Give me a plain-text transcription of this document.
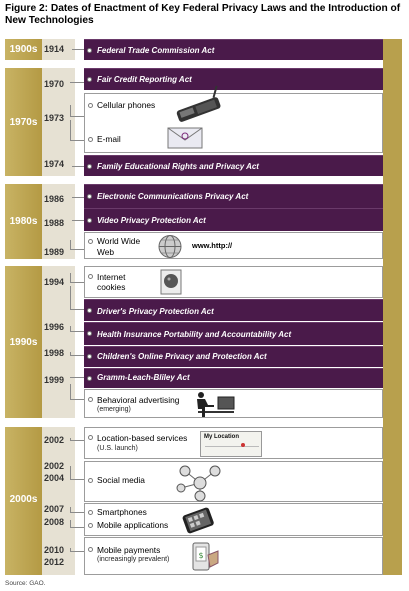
Figure 2: Dates of Enactment of Key Federal Privacy Laws and the Introduction of New Technologies
1900s
1970s
1980s
1990s
2000s
1914
1970
1973
1974
1986
1988
1989
1994
1996
1998
1999
2002
2002
2004
2007
2008
2010
2012
Federal Trade Commission Act
Fair Credit Reporting Act
Cellular phones
E-mail
Family Educational Rights and Privacy Act
Electronic Communications Privacy Act
Video Privacy Protection Act
World Wide
Web
www.http://
Internet
cookies
Driver's Privacy Protection Act
Health Insurance Portability and Accountability Act
Children's Online Privacy and Protection Act
Gramm-Leach-Bliley Act
Behavioral advertising
(emerging)
Location-based services
(U.S. launch)
My Location
Social media
Smartphones
Mobile applications
Mobile payments
(increasingly prevalent)	$
Source: GAO.
